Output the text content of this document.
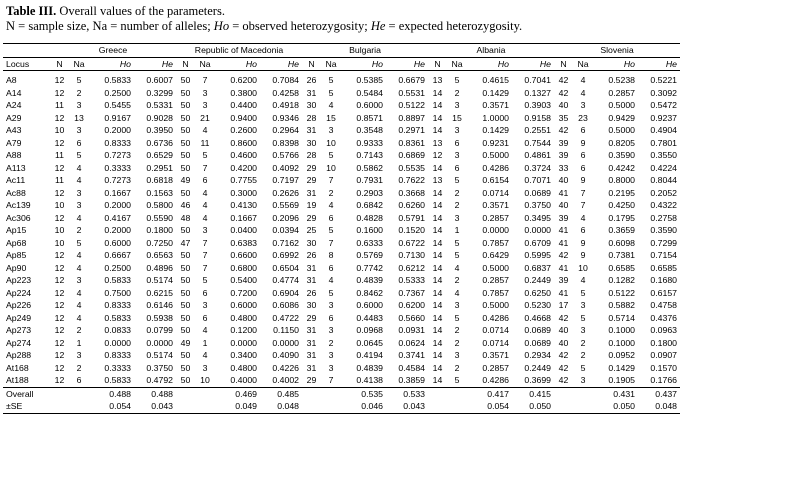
Table III. Overall values of the parameters.
N = sample size, Na = number of alleles; Ho = observed heterozygosity; He = expected heterozygosity.
	Greece				Republic of Macedonia				Bulgaria				Albania				Slovenia			
Locus	N	Na	Ho	He	N	Na	Ho	He	N	Na	Ho	He	N	Na	Ho	He	N	Na	Ho	He
A8	12	5	0.5833	0.6007	50	7	0.6200	0.7084	26	5	0.5385	0.6679	13	5	0.4615	0.7041	42	4	0.5238	0.5221
A14	12	2	0.2500	0.3299	50	3	0.3800	0.4258	31	5	0.5484	0.5531	14	2	0.1429	0.1327	42	4	0.2857	0.3092
A24	11	3	0.5455	0.5331	50	3	0.4400	0.4918	30	4	0.6000	0.5122	14	3	0.3571	0.3903	40	3	0.5000	0.5472
A29	12	13	0.9167	0.9028	50	21	0.9400	0.9346	28	15	0.8571	0.8897	14	15	1.0000	0.9158	35	23	0.9429	0.9237
A43	10	3	0.2000	0.3950	50	4	0.2600	0.2964	31	3	0.3548	0.2971	14	3	0.1429	0.2551	42	6	0.5000	0.4904
A79	12	6	0.8333	0.6736	50	11	0.8600	0.8398	30	10	0.9333	0.8361	13	6	0.9231	0.7544	39	9	0.8205	0.7801
A88	11	5	0.7273	0.6529	50	5	0.4600	0.5766	28	5	0.7143	0.6869	12	3	0.5000	0.4861	39	6	0.3590	0.3550
A113	12	4	0.3333	0.2951	50	7	0.4200	0.4092	29	10	0.5862	0.5535	14	6	0.4286	0.3724	33	6	0.4242	0.4224
Ac11	11	4	0.7273	0.6818	49	6	0.7755	0.7197	29	7	0.7931	0.7622	13	5	0.6154	0.7071	40	9	0.8000	0.8044
Ac88	12	3	0.1667	0.1563	50	4	0.3000	0.2626	31	2	0.2903	0.3668	14	2	0.0714	0.0689	41	7	0.2195	0.2052
Ac139	10	3	0.2000	0.5800	46	4	0.4130	0.5569	19	4	0.6842	0.6260	14	2	0.3571	0.3750	40	7	0.4250	0.4322
Ac306	12	4	0.4167	0.5590	48	4	0.1667	0.2096	29	6	0.4828	0.5791	14	3	0.2857	0.3495	39	4	0.1795	0.2758
Ap15	10	2	0.2000	0.1800	50	3	0.0400	0.0394	25	5	0.1600	0.1520	14	1	0.0000	0.0000	41	6	0.3659	0.3590
Ap68	10	5	0.6000	0.7250	47	7	0.6383	0.7162	30	7	0.6333	0.6722	14	5	0.7857	0.6709	41	9	0.6098	0.7299
Ap85	12	4	0.6667	0.6563	50	7	0.6600	0.6992	26	8	0.5769	0.7130	14	5	0.6429	0.5995	42	9	0.7381	0.7154
Ap90	12	4	0.2500	0.4896	50	7	0.6800	0.6504	31	6	0.7742	0.6212	14	4	0.5000	0.6837	41	10	0.6585	0.6585
Ap223	12	3	0.5833	0.5174	50	5	0.5400	0.4774	31	4	0.4839	0.5333	14	2	0.2857	0.2449	39	4	0.1282	0.1680
Ap224	12	4	0.7500	0.6215	50	6	0.7200	0.6904	26	5	0.8462	0.7367	14	4	0.7857	0.6250	41	5	0.5122	0.6157
Ap226	12	4	0.8333	0.6146	50	3	0.6000	0.6086	30	3	0.6000	0.6200	14	3	0.5000	0.5230	17	3	0.5882	0.4758
Ap249	12	4	0.5833	0.5938	50	6	0.4800	0.4722	29	6	0.4483	0.5660	14	5	0.4286	0.4668	42	5	0.5714	0.4376
Ap273	12	2	0.0833	0.0799	50	4	0.1200	0.1150	31	3	0.0968	0.0931	14	2	0.0714	0.0689	40	3	0.1000	0.0963
Ap274	12	1	0.0000	0.0000	49	1	0.0000	0.0000	31	2	0.0645	0.0624	14	2	0.0714	0.0689	40	2	0.1000	0.1800
Ap288	12	3	0.8333	0.5174	50	4	0.3400	0.4090	31	3	0.4194	0.3741	14	3	0.3571	0.2934	42	2	0.0952	0.0907
At168	12	2	0.3333	0.3750	50	3	0.4800	0.4226	31	3	0.4839	0.4584	14	2	0.2857	0.2449	42	5	0.1429	0.1570
At188	12	6	0.5833	0.4792	50	10	0.4000	0.4002	29	7	0.4138	0.3859	14	5	0.4286	0.3699	42	3	0.1905	0.1766
Overall			0.488	0.488			0.469	0.485			0.535	0.533			0.417	0.415			0.431	0.437
±SE			0.054	0.043			0.049	0.048			0.046	0.043			0.054	0.050			0.050	0.048
